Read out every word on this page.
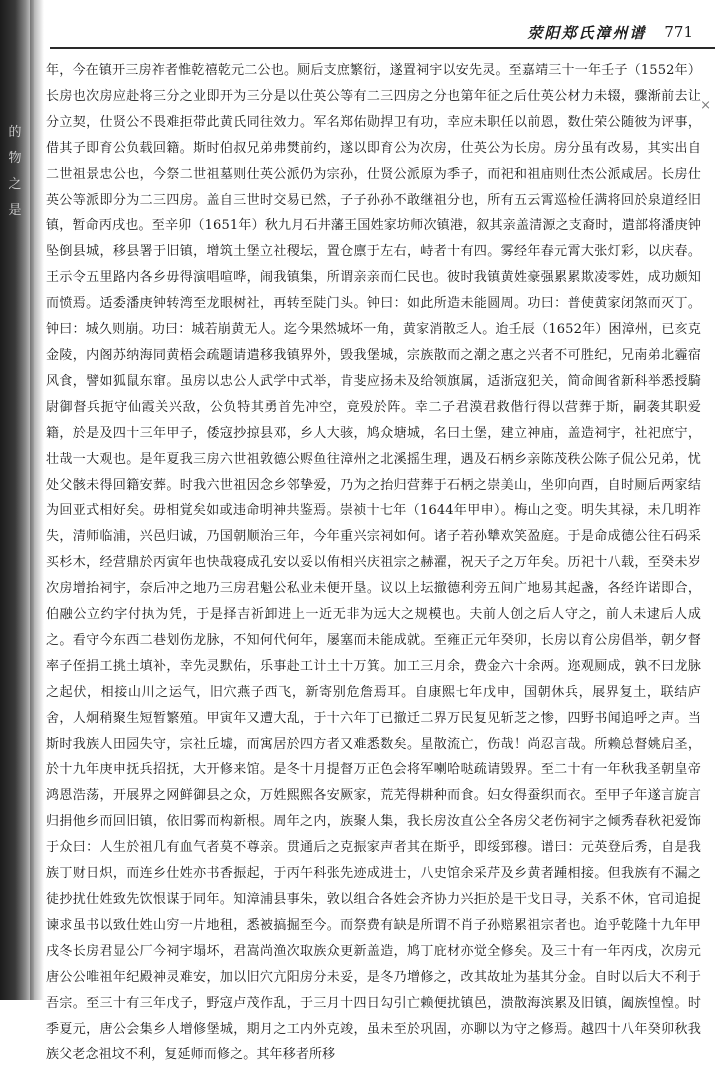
的物之是
荥阳郑氏漳州谱 771
×

年，今在镇开三房祚者惟乾禧乾元二公也。厕后支庶繁衍，遂置祠宇以安先灵。至嘉靖三十一年壬子（1552年）长房也次房应赴将三分之业即开为三分是以仕英公等有二三四房之分也第年征之后仕英公材力未辍，骤渐前去让分立契，仕贤公不畏难拒带此黄氏同往效力。军名郑佑勋捍卫有功，幸应未职任以前恩，数仕荣公随彼为评事，借其子即育公负载回籍。斯时伯叔兄弟弗燓前约，遂以即育公为次房，仕英公为长房。房分虽有改易，其实出自二世祖景忠公也，今祭二世祖墓则仕英公派仍为宗孙，仕贤公派原为季子，而祀和祖庙则仕杰公派咸居。长房仕英公等派即分为二三四房。盖自三世时交易已然，子子孙孙不敢继祖分也，所有五云霄巡检任满将回於泉道经旧镇，暂命丙戌也。至辛卯（1651年）秋九月石井藩王国姓家坊师次镇港，叙其亲盖清源之支裔时，遣部将潘庚钟坠倒县城，移县署于旧镇，增筑土堡立社稷坛，置仓廪于左右，峙者十有四。雾经年春元霄大张灯彩，以庆春。王示令五里路内各乡毋得演唱喧哗，闹我镇集，所谓亲亲而仁民也。彼时我镇黄姓豪强累累欺凌零姓，成功颇知而愤焉。适委潘庚钟转湾至龙眼树社，再转至陡门头。钟曰：如此所造未能圆周。功曰：普使黄家闭煞而灭丁。钟曰：城久则崩。功曰：城若崩黄无人。迄今果然城坏一角，黄家消散乏人。迨壬辰（1652年）困漳州，已亥克金陵，内阁苏纳海同黄梧会疏题请遣移我镇界外，毁我堡城，宗族散而之潮之惠之兴者不可胜纪，兄南弟北霾宿风食，譬如狐鼠东窜。虽房以忠公人武学中式举，肯斐应扬未及给领旗属，适浙寇犯关，简命闽省新科举悉授騎尉御督兵扼守仙霞关兴敌，公负特其勇首先冲空，竟殁於阵。幸二子君漠君救偕行得以营葬于斯，嗣袭其职爱籍，於是及四十三年甲子，倭寇抄掠县邓，乡人大骇，鸠众塘城，名曰土堡，建立神庙，盖造祠宇，社祀庶宁，壮哉一大观也。是年夏我三房六世祖敦德公赆鱼往漳州之北溪摇生理，遇及石柄乡亲陈茂秩公陈子侃公兄弟，忧处父骸未得回籍安葬。时我六世祖因念乡邻挚爱，乃为之抬归营葬于石柄之崇美山，坐卯向酉，自时厕后两家结为回亚式相好矣。毋相覚矣如或违命明神共鉴焉。崇祯十七年（1644年甲申）。梅山之变。明失其禄，未几明祚失，清师临浦，兴邑归诚，乃国朝顺治三年，今年重兴宗祠如何。诸子若孙犨欢笑盈庭。于是命成德公往石码采买杉木，经营鼎於丙寅年也快哉寝成孔安以妥以侑相兴庆祖宗之赫濯，祝天子之万年矣。历祀十八载，至癸未岁次房增抬祠宇，奈后冲之地乃三房君魁公私业未便开垦。议以上坛撤德利旁五间广地易其起盏，各经许诺即合，伯融公立约字付执为凭，于是择吉祈卸进上一近无非为远大之规模也。夫前人创之后人守之，前人未逮后人成之。看守今东西二巷划伤龙脉，不知何代何年，屡塞而未能成就。至雍正元年癸卯，长房以育公房倡举，朝夕督率子侄捐工挑土填补，幸先灵默佑，乐事赴工计土十万箕。加工三月余，费金六十余两。迩观厕成，孰不曰龙脉之起伏，相接山川之运气，旧穴燕子西飞，新寄别危詹焉耳。自康熙七年戊申，国朝休兵，展界复土，联结庐舍，人炯稍聚生短暂繁殖。甲寅年又遭大乱，于十六年丁已撤迁二界万民复见斩芝之惨，四野书闻追呼之声。当斯时我族人田园失守，宗社丘墟，而寓居於四方者又难悉数矣。星散流亡，伤哉！尚忍言哉。所赖总督姚启圣，於十九年庚申抚兵招抚，大开修来馆。是冬十月提督万正色会将军喇哈哒疏请毁界。至二十有一年秋我圣朝皇帝鸿恩浩荡，开展界之网鲜御县之众，万姓熙熙各安厥家，荒芜得耕种而食。妇女得蚕织而衣。至甲子年遂言旋言归捐他乡而回旧镇，依旧雾而构新根。周年之内，族聚人集，我长房汝直公全各房父老伤祠宇之倾秀春秋祀爱饰于众曰：人生於祖几有血气者莫不尊亲。贯通后之克振家声者其在斯乎，即绥郅穆。谱曰：元英登后秀，自是我族丁财日炽，而连乡仕姓亦书香振起，于丙午科张先迹成进士，八史馆余采芹及乡黄者踵相接。但我族有不漏之徒抄扰仕姓致先饮恨谋于同年。知漳浦县事朱，敦以组合各姓会齐协力兴拒於是干戈日寻，关系不休，官司追捉谏求虽书以致仕姓山穷一片地租，悉被搞掘至今。而祭费有缺是所谓不肖子孙赔累祖宗者也。迨乎乾隆十九年甲戌冬长房君显公厂今祠宇塌坏，君嵩尚渔次取族众更新盖造，鸠丁庇材亦觉全修矣。及三十有一年丙戌，次房元唐公公唯祖年纪殿神灵难安，加以旧穴亢阳房分未妥，是冬乃增修之，改其故址为基其分金。自时以后大不利于吾宗。至三十有三年戊子，野寇卢茂作乱，于三月十四日勾引亡赖便扰镇邑，溃散海滨累及旧镇，阖族惶惶。时季夏元，唐公会集乡人增修堡城，期月之工内外克竣，虽未至於巩固，亦聊以为守之修焉。越四十八年癸卯秋我族父老念祖坟不利，复延师而修之。其年移者所移
